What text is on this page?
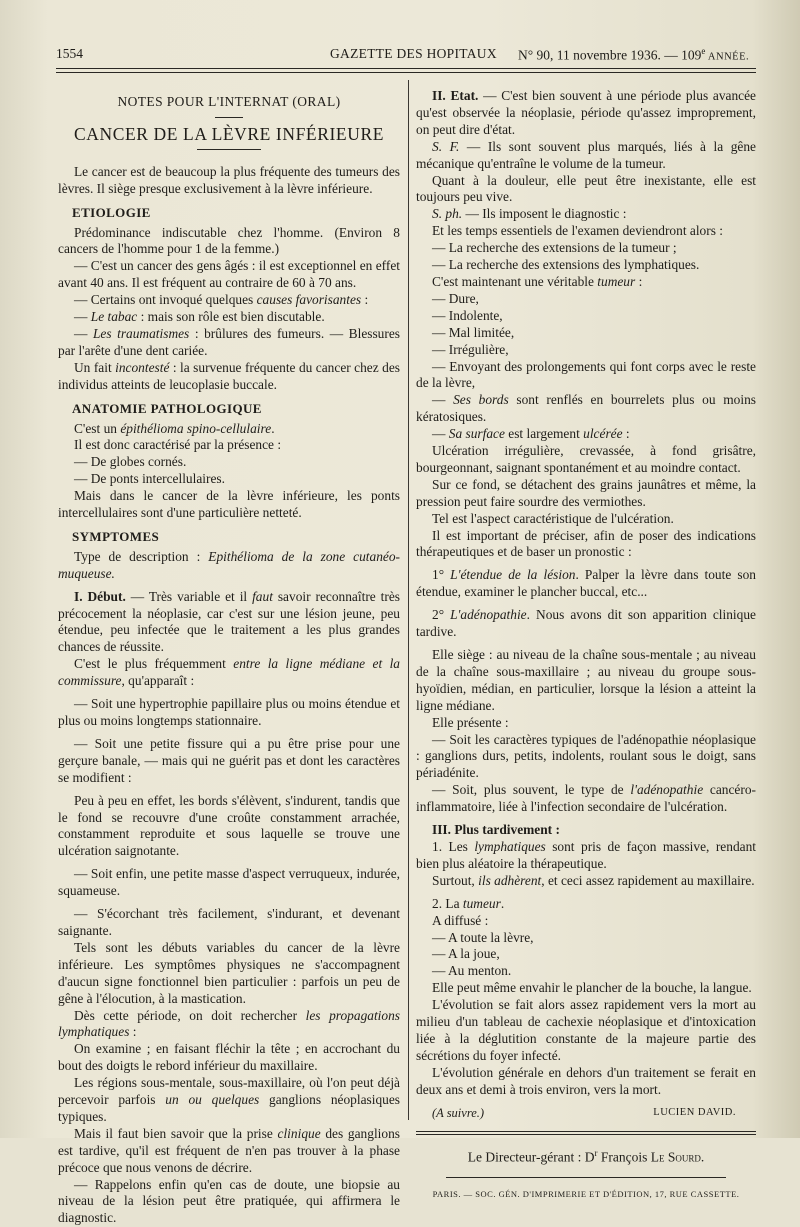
1554	GAZETTE DES HOPITAUX N° 90, 11 novembre 1936. — 109e ANNÉE.
NOTES POUR L'INTERNAT (ORAL)
CANCER DE LA LÈVRE INFÉRIEURE

Le cancer est de beaucoup la plus fréquente des tumeurs des lèvres. Il siège presque exclusivement à la lèvre inférieure.

ETIOLOGIE

Prédominance indiscutable chez l'homme. (Environ 8 cancers de l'homme pour 1 de la femme.)

— C'est un cancer des gens âgés : il est exceptionnel en effet avant 40 ans. Il est fréquent au contraire de 60 à 70 ans.

— Certains ont invoqué quelques causes favorisantes :

— Le tabac : mais son rôle est bien discutable.

— Les traumatismes : brûlures des fumeurs. — Blessures par l'arête d'une dent cariée.

Un fait incontesté : la survenue fréquente du cancer chez des individus atteints de leucoplasie buccale.

ANATOMIE PATHOLOGIQUE

C'est un épithélioma spino-cellulaire.

Il est donc caractérisé par la présence :

— De globes cornés.

— De ponts intercellulaires.

Mais dans le cancer de la lèvre inférieure, les ponts intercellulaires sont d'une particulière netteté.

SYMPTOMES

Type de description : Epithélioma de la zone cutanéo-muqueuse.

I. Début. — Très variable et il faut savoir reconnaître très précocement la néoplasie, car c'est sur une lésion jeune, peu étendue, peu infectée que le traitement a les plus grandes chances de réussite.

C'est le plus fréquemment entre la ligne médiane et la commissure, qu'apparaît :

— Soit une hypertrophie papillaire plus ou moins étendue et plus ou moins longtemps stationnaire.

— Soit une petite fissure qui a pu être prise pour une gerçure banale, — mais qui ne guérit pas et dont les caractères se modifient :

Peu à peu en effet, les bords s'élèvent, s'indurent, tandis que le fond se recouvre d'une croûte constamment arrachée, constamment reproduite et sous laquelle se trouve une ulcération saignotante.

— Soit enfin, une petite masse d'aspect verruqueux, indurée, squameuse.

— S'écorchant très facilement, s'indurant, et devenant saignante.

Tels sont les débuts variables du cancer de la lèvre inférieure. Les symptômes physiques ne s'accompagnent d'aucun signe fonctionnel bien particulier : parfois un peu de gêne à l'élocution, à la mastication.

Dès cette période, on doit rechercher les propagations lymphatiques :

On examine ; en faisant fléchir la tête ; en accrochant du bout des doigts le rebord inférieur du maxillaire.

Les régions sous-mentale, sous-maxillaire, où l'on peut déjà percevoir parfois un ou quelques ganglions néoplasiques typiques.

Mais il faut bien savoir que la prise clinique des ganglions est tardive, qu'il est fréquent de n'en pas trouver à la phase précoce que nous venons de décrire.

— Rappelons enfin qu'en cas de doute, une biopsie au niveau de la lésion peut être pratiquée, qui affirmera le diagnostic.

II. Etat. — C'est bien souvent à une période plus avancée qu'est observée la néoplasie, période qu'assez improprement, on peut dire d'état.

S. F. — Ils sont souvent plus marqués, liés à la gêne mécanique qu'entraîne le volume de la tumeur.

Quant à la douleur, elle peut être inexistante, elle est toujours peu vive.

S. ph. — Ils imposent le diagnostic :

Et les temps essentiels de l'examen deviendront alors :

— La recherche des extensions de la tumeur ;

— La recherche des extensions des lymphatiques.

C'est maintenant une véritable tumeur :

— Dure,

— Indolente,

— Mal limitée,

— Irrégulière,

— Envoyant des prolongements qui font corps avec le reste de la lèvre,

— Ses bords sont renflés en bourrelets plus ou moins kératosiques.

— Sa surface est largement ulcérée :

Ulcération irrégulière, crevassée, à fond grisâtre, bourgeonnant, saignant spontanément et au moindre contact.

Sur ce fond, se détachent des grains jaunâtres et même, la pression peut faire sourdre des vermiothes.

Tel est l'aspect caractéristique de l'ulcération.

Il est important de préciser, afin de poser des indications thérapeutiques et de baser un pronostic :

1° L'étendue de la lésion. Palper la lèvre dans toute son étendue, examiner le plancher buccal, etc...

2° L'adénopathie. Nous avons dit son apparition clinique tardive.

Elle siège : au niveau de la chaîne sous-mentale ; au niveau de la chaîne sous-maxillaire ; au niveau du groupe sous-hyoïdien, médian, en particulier, lorsque la lésion a atteint la ligne médiane.

Elle présente :

— Soit les caractères typiques de l'adénopathie néoplasique : ganglions durs, petits, indolents, roulant sous le doigt, sans périadénite.

— Soit, plus souvent, le type de l'adénopathie cancéro-inflammatoire, liée à l'infection secondaire de l'ulcération.

III. Plus tardivement :

1. Les lymphatiques sont pris de façon massive, rendant bien plus aléatoire la thérapeutique.

Surtout, ils adhèrent, et ceci assez rapidement au maxillaire.

2. La tumeur.

A diffusé :

— A toute la lèvre,

— A la joue,

— Au menton.

Elle peut même envahir le plancher de la bouche, la langue.

L'évolution se fait alors assez rapidement vers la mort au milieu d'un tableau de cachexie néoplasique et d'intoxication liée à la déglutition constante de la majeure partie des sécrétions du foyer infecté.

L'évolution générale en dehors d'un traitement se ferait en deux ans et demi à trois environ, vers la mort.

(A suivre.)	LUCIEN DAVID.
Le Directeur-gérant : $D^r$ François Le Sourd.
PARIS. — SOC. GÉN. D'IMPRIMERIE ET D'ÉDITION, 17, RUE CASSETTE.
